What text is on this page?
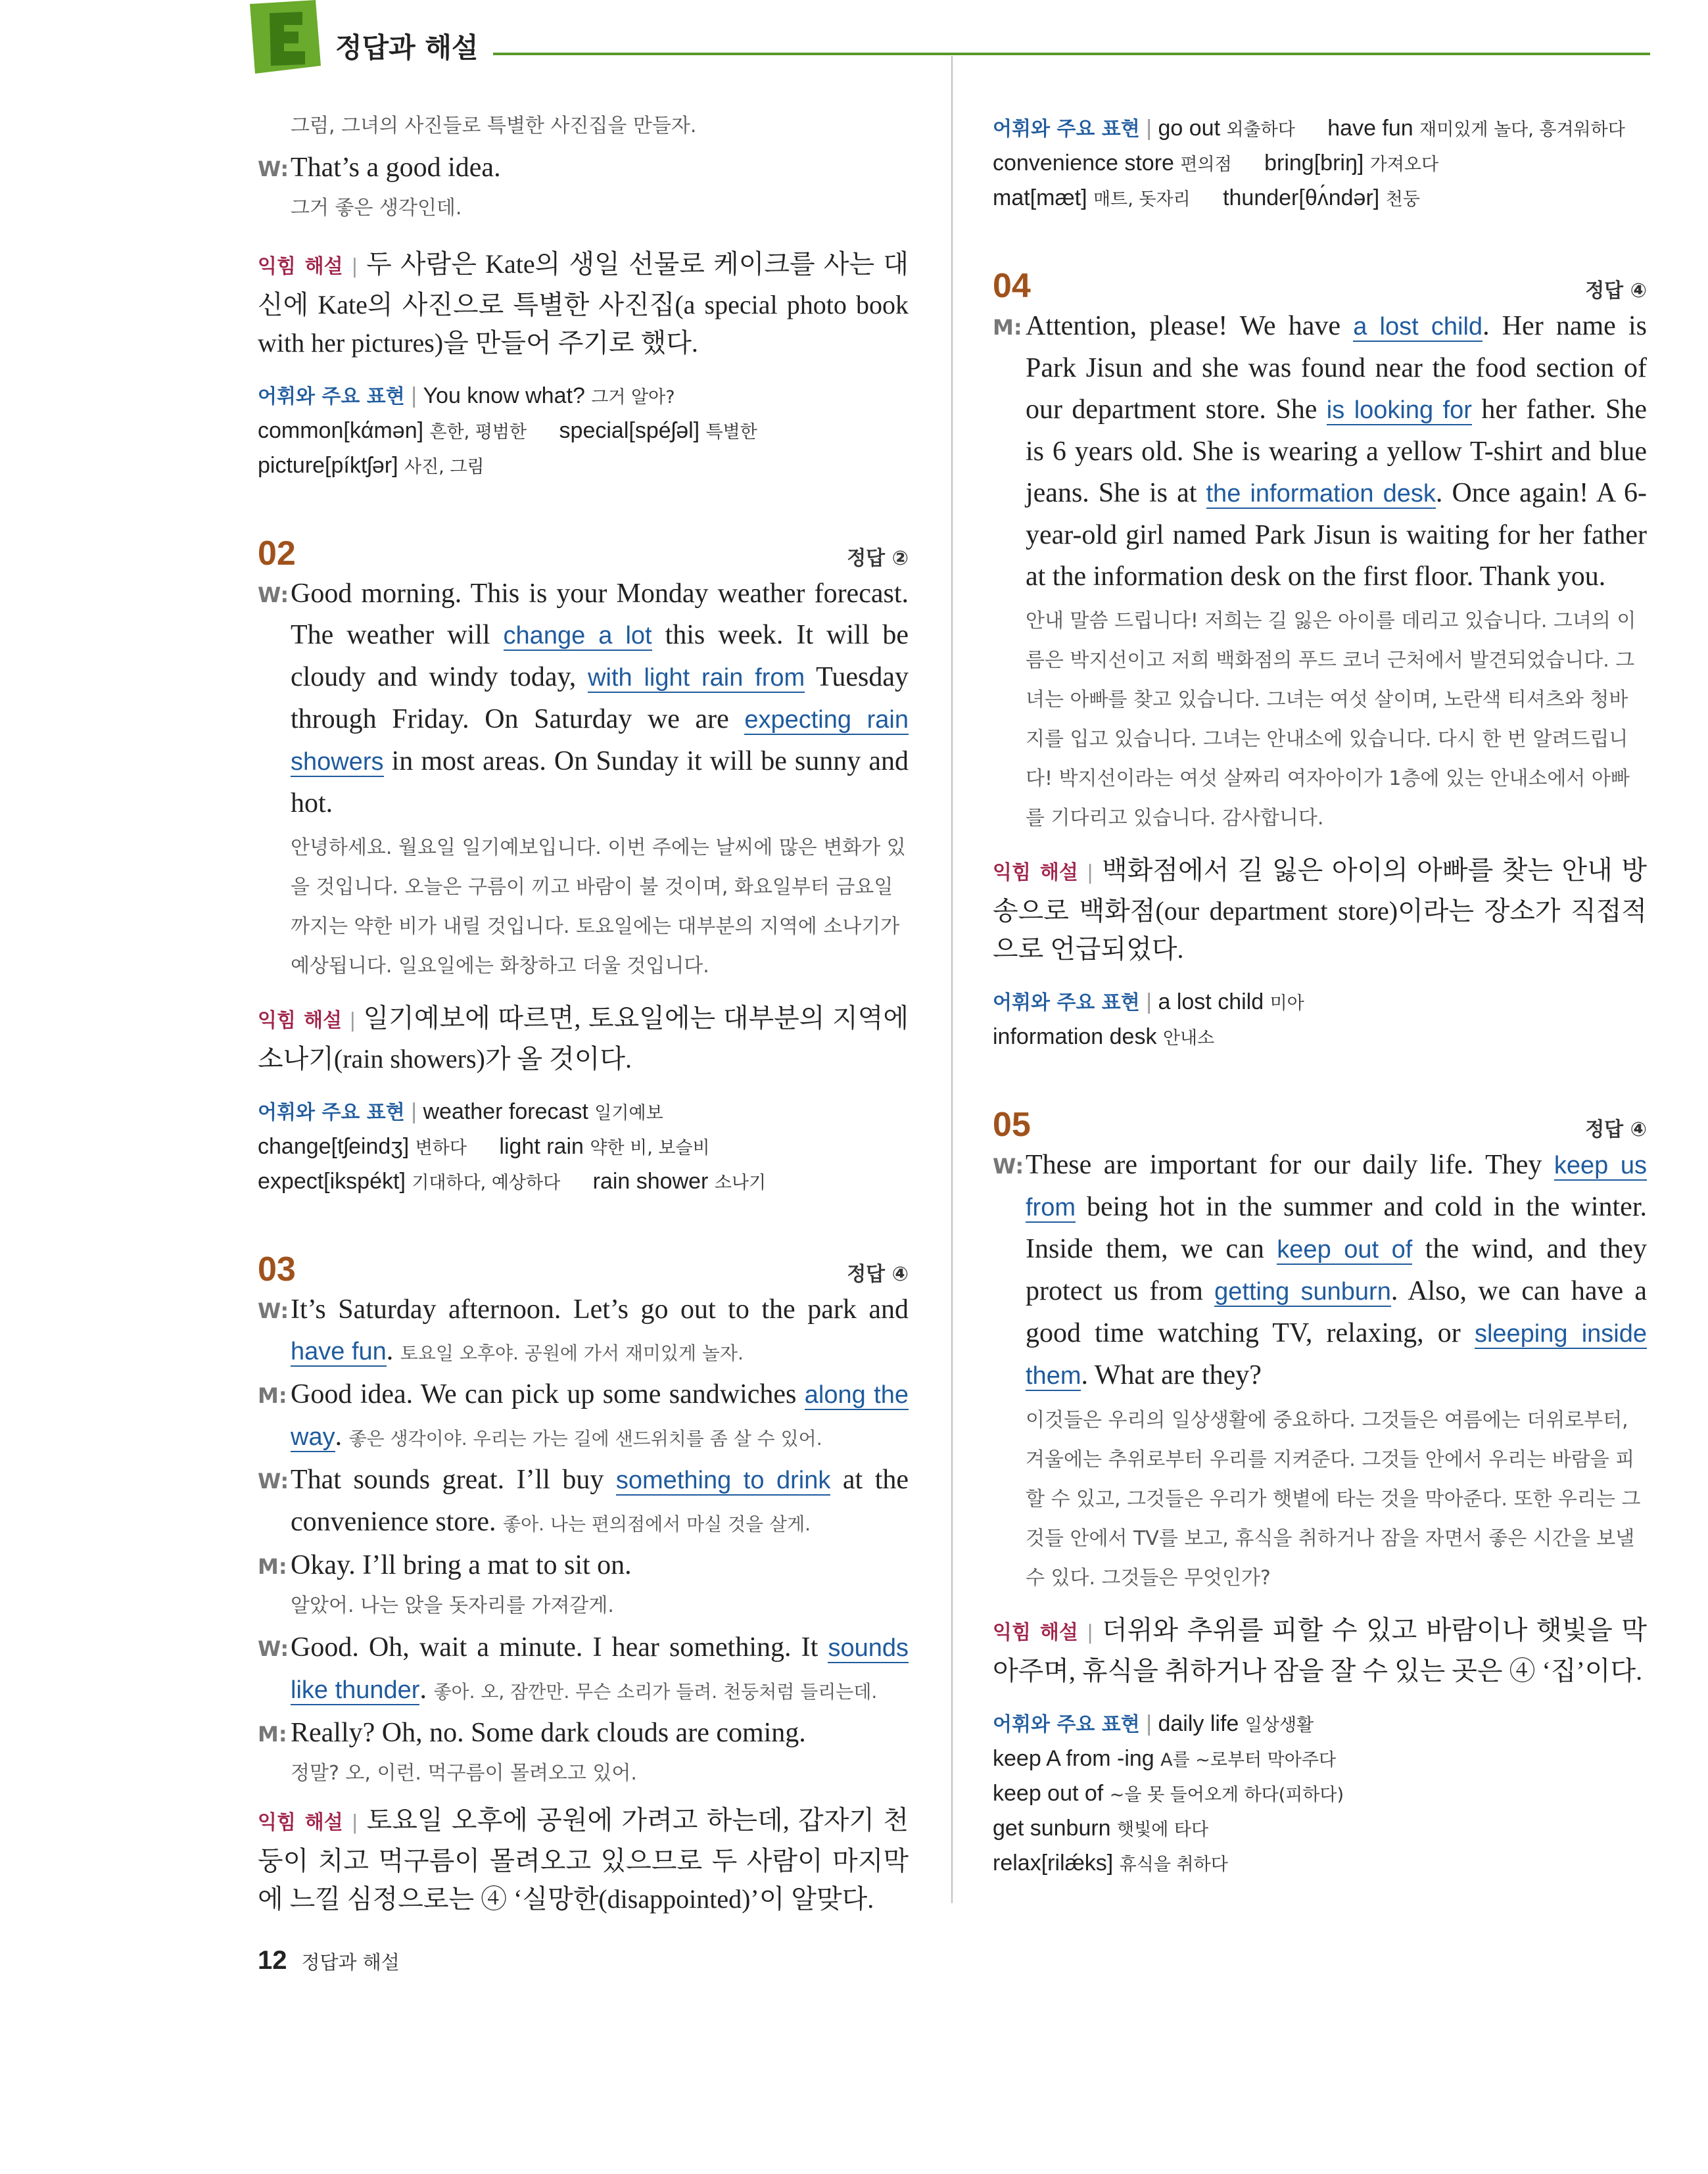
정답과 해설
그럼, 그녀의 사진들로 특별한 사진집을 만들자.
W: That’s a good idea.
그거 좋은 생각인데.
익힘 해설 | 두 사람은 Kate의 생일 선물로 케이크를 사는 대신에 Kate의 사진으로 특별한 사진집(a special photo book with her pictures)을 만들어 주기로 했다.
어휘와 주요 표현 | You know what? 그거 알아?
common[kάmən] 흔한, 평범한 special[spéʃəl] 특별한
picture[píktʃər] 사진, 그림
02	정답 ②
W: Good morning. This is your Monday weather forecast. The weather will change a lot this week. It will be cloudy and windy today, with light rain from Tuesday through Friday. On Saturday we are expecting rain showers in most areas. On Sunday it will be sunny and hot.
안녕하세요. 월요일 일기예보입니다. 이번 주에는 날씨에 많은 변화가 있을 것입니다. 오늘은 구름이 끼고 바람이 불 것이며, 화요일부터 금요일까지는 약한 비가 내릴 것입니다. 토요일에는 대부분의 지역에 소나기가 예상됩니다. 일요일에는 화창하고 더울 것입니다.
익힘 해설 | 일기예보에 따르면, 토요일에는 대부분의 지역에 소나기(rain showers)가 올 것이다.
어휘와 주요 표현 | weather forecast 일기예보
change[tʃeindʒ] 변하다 light rain 약한 비, 보슬비
expect[ikspékt] 기대하다, 예상하다 rain shower 소나기
03	정답 ④
W: It’s Saturday afternoon. Let’s go out to the park and have fun. 토요일 오후야. 공원에 가서 재미있게 놀자.
M: Good idea. We can pick up some sandwiches along the way. 좋은 생각이야. 우리는 가는 길에 샌드위치를 좀 살 수 있어.
W: That sounds great. I’ll buy something to drink at the convenience store. 좋아. 나는 편의점에서 마실 것을 살게.
M: Okay. I’ll bring a mat to sit on.
알았어. 나는 앉을 돗자리를 가져갈게.
W: Good. Oh, wait a minute. I hear something. It sounds like thunder. 좋아. 오, 잠깐만. 무슨 소리가 들려. 천둥처럼 들리는데.
M: Really? Oh, no. Some dark clouds are coming.
정말? 오, 이런. 먹구름이 몰려오고 있어.
익힘 해설 | 토요일 오후에 공원에 가려고 하는데, 갑자기 천둥이 치고 먹구름이 몰려오고 있으므로 두 사람이 마지막에 느낄 심정으로는 ④ ‘실망한(disappointed)’이 알맞다.
어휘와 주요 표현 | go out 외출하다 have fun 재미있게 놀다, 흥겨워하다
convenience store 편의점 bring[briŋ] 가져오다
mat[mæt] 매트, 돗자리 thunder[θʌ́ndər] 천둥
04	정답 ④
M: Attention, please! We have a lost child. Her name is Park Jisun and she was found near the food section of our department store. She is looking for her father. She is 6 years old. She is wearing a yellow T-shirt and blue jeans. She is at the information desk. Once again! A 6-year-old girl named Park Jisun is waiting for her father at the information desk on the first floor. Thank you.
안내 말씀 드립니다! 저희는 길 잃은 아이를 데리고 있습니다. 그녀의 이름은 박지선이고 저희 백화점의 푸드 코너 근처에서 발견되었습니다. 그녀는 아빠를 찾고 있습니다. 그녀는 여섯 살이며, 노란색 티셔츠와 청바지를 입고 있습니다. 그녀는 안내소에 있습니다. 다시 한 번 알려드립니다! 박지선이라는 여섯 살짜리 여자아이가 1층에 있는 안내소에서 아빠를 기다리고 있습니다. 감사합니다.
익힘 해설 | 백화점에서 길 잃은 아이의 아빠를 찾는 안내 방송으로 백화점(our department store)이라는 장소가 직접적으로 언급되었다.
어휘와 주요 표현 | a lost child 미아
information desk 안내소
05	정답 ④
W: These are important for our daily life. They keep us from being hot in the summer and cold in the winter. Inside them, we can keep out of the wind, and they protect us from getting sunburn. Also, we can have a good time watching TV, relaxing, or sleeping inside them. What are they?
이것들은 우리의 일상생활에 중요하다. 그것들은 여름에는 더위로부터, 겨울에는 추위로부터 우리를 지켜준다. 그것들 안에서 우리는 바람을 피할 수 있고, 그것들은 우리가 햇볕에 타는 것을 막아준다. 또한 우리는 그것들 안에서 TV를 보고, 휴식을 취하거나 잠을 자면서 좋은 시간을 보낼 수 있다. 그것들은 무엇인가?
익힘 해설 | 더위와 추위를 피할 수 있고 바람이나 햇빛을 막아주며, 휴식을 취하거나 잠을 잘 수 있는 곳은 ④ ‘집’이다.
어휘와 주요 표현 | daily life 일상생활
keep A from -ing A를 ~로부터 막아주다
keep out of ~을 못 들어오게 하다(피하다)
get sunburn 햇빛에 타다
relax[rilǽks] 휴식을 취하다
12 정답과 해설
